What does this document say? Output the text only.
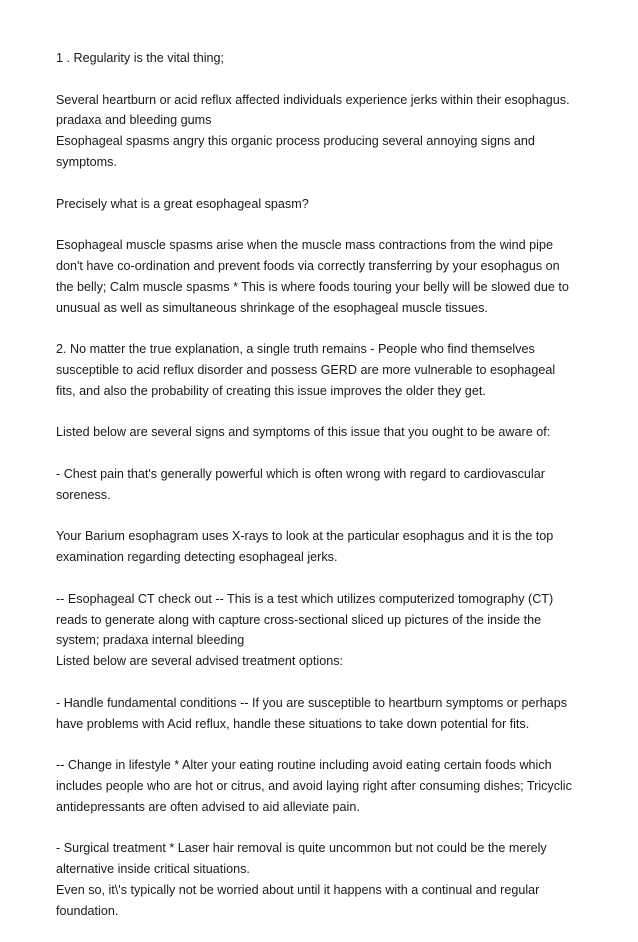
1 . Regularity is the vital thing;

Several heartburn or acid reflux affected individuals experience jerks within their esophagus.
pradaxa and bleeding gums
Esophageal spasms angry this organic process producing several annoying signs and
symptoms.

Precisely what is a great esophageal spasm?

Esophageal muscle spasms arise when the muscle mass contractions from the wind pipe
don't have co-ordination and prevent foods via correctly transferring by your esophagus on
the belly; Calm muscle spasms * This is where foods touring your belly will be slowed due to
unusual as well as simultaneous shrinkage of the esophageal muscle tissues.

2. No matter the true explanation, a single truth remains - People who find themselves
susceptible to acid reflux disorder and possess GERD are more vulnerable to esophageal
fits, and also the probability of creating this issue improves the older they get.

Listed below are several signs and symptoms of this issue that you ought to be aware of:

- Chest pain that's generally powerful which is often wrong with regard to cardiovascular
soreness.

Your Barium esophagram uses X-rays to look at the particular esophagus and it is the top
examination regarding detecting esophageal jerks.

-- Esophageal CT check out -- This is a test which utilizes computerized tomography (CT)
reads to generate along with capture cross-sectional sliced up pictures of the inside the
system; pradaxa internal bleeding
Listed below are several advised treatment options:

- Handle fundamental conditions -- If you are susceptible to heartburn symptoms or perhaps
have problems with Acid reflux, handle these situations to take down potential for fits.

-- Change in lifestyle * Alter your eating routine including avoid eating certain foods which
includes people who are hot or citrus, and avoid laying right after consuming dishes; Tricyclic
antidepressants are often advised to aid alleviate pain.

- Surgical treatment * Laser hair removal is quite uncommon but not could be the merely
alternative inside critical situations.
Even so, it\'s typically not be worried about until it happens with a continual and regular
foundation.
